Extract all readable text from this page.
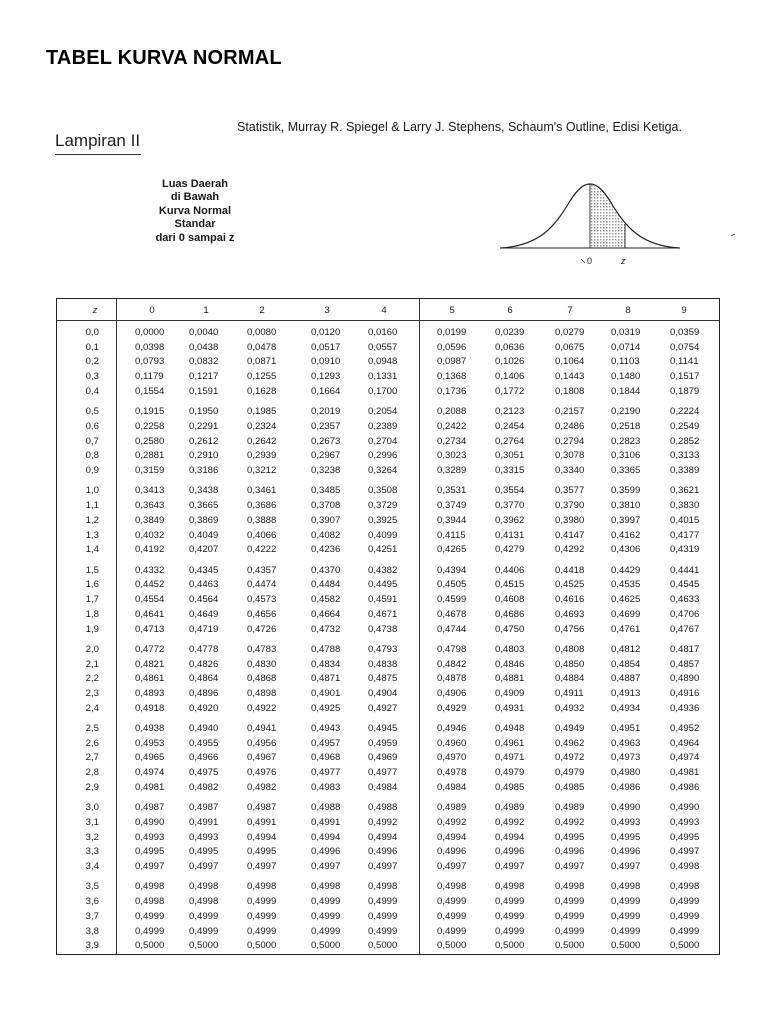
TABEL KURVA NORMAL
Statistik, Murray R. Spiegel & Larry J. Stephens, Schaum's Outline, Edisi Ketiga.
Lampiran II
Luas Daerah
di Bawah
Kurva Normal
Standar
dari 0 sampai z
0	z
z	0	1	2	3	4	5	6	7	8	9
0,0	0,0000	0,0040	0,0080	0,0120	0,0160	0,0199	0,0239	0,0279	0,0319	0,0359
0,1	0,0398	0,0438	0,0478	0,0517	0,0557	0,0596	0,0636	0,0675	0,0714	0,0754
0,2	0,0793	0,0832	0,0871	0,0910	0,0948	0,0987	0,1026	0,1064	0,1103	0,1141
0,3	0,1179	0,1217	0,1255	0,1293	0,1331	0,1368	0,1406	0,1443	0,1480	0,1517
0,4	0,1554	0,1591	0,1628	0,1664	0,1700	0,1736	0,1772	0,1808	0,1844	0,1879
0,5	0,1915	0,1950	0,1985	0,2019	0,2054	0,2088	0,2123	0,2157	0,2190	0,2224
0,6	0,2258	0,2291	0,2324	0,2357	0,2389	0,2422	0,2454	0,2486	0,2518	0,2549
0,7	0,2580	0,2612	0,2642	0,2673	0,2704	0,2734	0,2764	0,2794	0,2823	0,2852
0,8	0,2881	0,2910	0,2939	0,2967	0,2996	0,3023	0,3051	0,3078	0,3106	0,3133
0,9	0,3159	0,3186	0,3212	0,3238	0,3264	0,3289	0,3315	0,3340	0,3365	0,3389
1,0	0,3413	0,3438	0,3461	0,3485	0,3508	0,3531	0,3554	0,3577	0,3599	0,3621
1,1	0,3643	0,3665	0,3686	0,3708	0,3729	0,3749	0,3770	0,3790	0,3810	0,3830
1,2	0,3849	0,3869	0,3888	0,3907	0,3925	0,3944	0,3962	0,3980	0,3997	0,4015
1,3	0,4032	0,4049	0,4066	0,4082	0,4099	0,4115	0,4131	0,4147	0,4162	0,4177
1,4	0,4192	0,4207	0,4222	0,4236	0,4251	0,4265	0,4279	0,4292	0,4306	0,4319
1,5	0,4332	0,4345	0,4357	0,4370	0,4382	0,4394	0,4406	0,4418	0,4429	0,4441
1,6	0,4452	0,4463	0,4474	0,4484	0,4495	0,4505	0,4515	0,4525	0,4535	0,4545
1,7	0,4554	0,4564	0,4573	0,4582	0,4591	0,4599	0,4608	0,4616	0,4625	0,4633
1,8	0,4641	0,4649	0,4656	0,4664	0,4671	0,4678	0,4686	0,4693	0,4699	0,4706
1,9	0,4713	0,4719	0,4726	0,4732	0,4738	0,4744	0,4750	0,4756	0,4761	0,4767
2,0	0,4772	0,4778	0,4783	0,4788	0,4793	0,4798	0,4803	0,4808	0,4812	0,4817
2,1	0,4821	0,4826	0,4830	0,4834	0,4838	0,4842	0,4846	0,4850	0,4854	0,4857
2,2	0,4861	0,4864	0,4868	0,4871	0,4875	0,4878	0,4881	0,4884	0,4887	0,4890
2,3	0,4893	0,4896	0,4898	0,4901	0,4904	0,4906	0,4909	0,4911	0,4913	0,4916
2,4	0,4918	0,4920	0,4922	0,4925	0,4927	0,4929	0,4931	0,4932	0,4934	0,4936
2,5	0,4938	0,4940	0,4941	0,4943	0,4945	0,4946	0,4948	0,4949	0,4951	0,4952
2,6	0,4953	0,4955	0,4956	0,4957	0,4959	0,4960	0,4961	0,4962	0,4963	0,4964
2,7	0,4965	0,4966	0,4967	0,4968	0,4969	0,4970	0,4971	0,4972	0,4973	0,4974
2,8	0,4974	0,4975	0,4976	0,4977	0,4977	0,4978	0,4979	0,4979	0,4980	0,4981
2,9	0,4981	0,4982	0,4982	0,4983	0,4984	0,4984	0,4985	0,4985	0,4986	0,4986
3,0	0,4987	0,4987	0,4987	0,4988	0,4988	0,4989	0,4989	0,4989	0,4990	0,4990
3,1	0,4990	0,4991	0,4991	0,4991	0,4992	0,4992	0,4992	0,4992	0,4993	0,4993
3,2	0,4993	0,4993	0,4994	0,4994	0,4994	0,4994	0,4994	0,4995	0,4995	0,4995
3,3	0,4995	0,4995	0,4995	0,4996	0,4996	0,4996	0,4996	0,4996	0,4996	0,4997
3,4	0,4997	0,4997	0,4997	0,4997	0,4997	0,4997	0,4997	0,4997	0,4997	0,4998
3,5	0,4998	0,4998	0,4998	0,4998	0,4998	0,4998	0,4998	0,4998	0,4998	0,4998
3,6	0,4998	0,4998	0,4999	0,4999	0,4999	0,4999	0,4999	0,4999	0,4999	0,4999
3,7	0,4999	0,4999	0,4999	0,4999	0,4999	0,4999	0,4999	0,4999	0,4999	0,4999
3,8	0,4999	0,4999	0,4999	0,4999	0,4999	0,4999	0,4999	0,4999	0,4999	0,4999
3,9	0,5000	0,5000	0,5000	0,5000	0,5000	0,5000	0,5000	0,5000	0,5000	0,5000
